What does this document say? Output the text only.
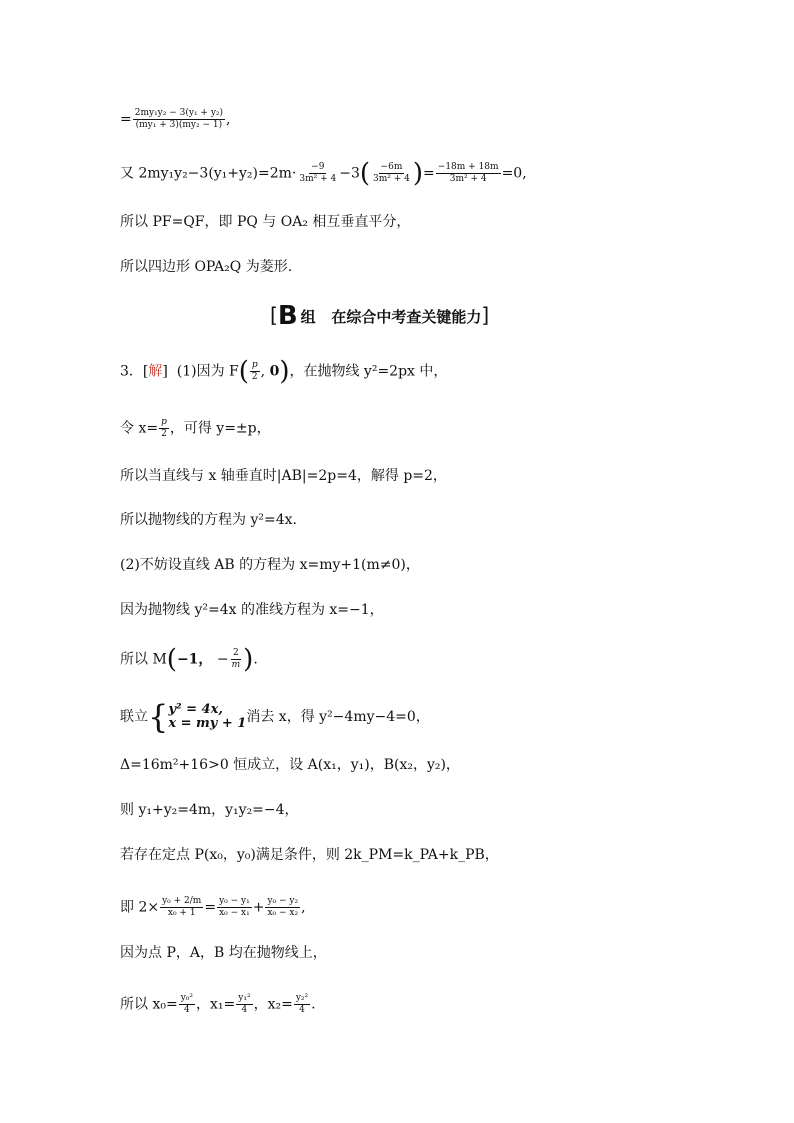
= $\frac{\text{2my₁y₂ − 3(y₁ + y₂)}}{\text{(my₁ + 3)(my₂ − 1)}}$ ,
又 $2my_1y_2-3(y_1+y_2)=2m\cdot \frac{-9}{\text{3m² + 4}} -3( \frac{-6m}{\text{3m² + 4}}$ )= $\frac{-18m + 18m}{\text{3m² + 4}} =0$,
所以 PF=QF，即 PQ 与 OA₂ 相互垂直平分，
所以四边形 OPA₂Q 为菱形.
[B 组 在综合中考查关键能力]
3．[解] (1)因为 $F( \frac{p}{2}$ , 0)，在抛物线 y²=2px 中，
令 $x= \frac{p}{2}$ ，可得 y=±p，
所以当直线与 x 轴垂直时|AB|=2p=4，解得 p=2，
所以抛物线的方程为 y²=4x.
(2)不妨设直线 AB 的方程为 x=my+1(m≠0)，
因为抛物线 y²=4x 的准线方程为 x=−1，
所以 M(−1， − $\frac{2}{m}$ ).
联立{ y² = 4x,
x = my + 1 消去 x，得 y²−4my−4=0，
Δ=16m²+16>0 恒成立，设 A(x₁，y₁)，B(x₂，y₂)，
则 y₁+y₂=4m，y₁y₂=−4，
若存在定点 P(x₀，y₀)满足条件，则 2k_PM=k_PA+k_PB，
即 $2\times \frac{\text{y₀ + 2/m}}{\text{x₀ + 1}} = \frac{\text{y₀ − y₁}}{\text{x₀ − x₁}} + \frac{\text{y₀ − y₂}}{\text{x₀ − x₂}}$ ,
因为点 P，A，B 均在抛物线上，
所以 $x_0= \frac{\text{y₀²}}{4}$ ，$x_1= \frac{\text{y₁²}}{4}$ ，$x_2= \frac{\text{y₂²}}{4}$ .
